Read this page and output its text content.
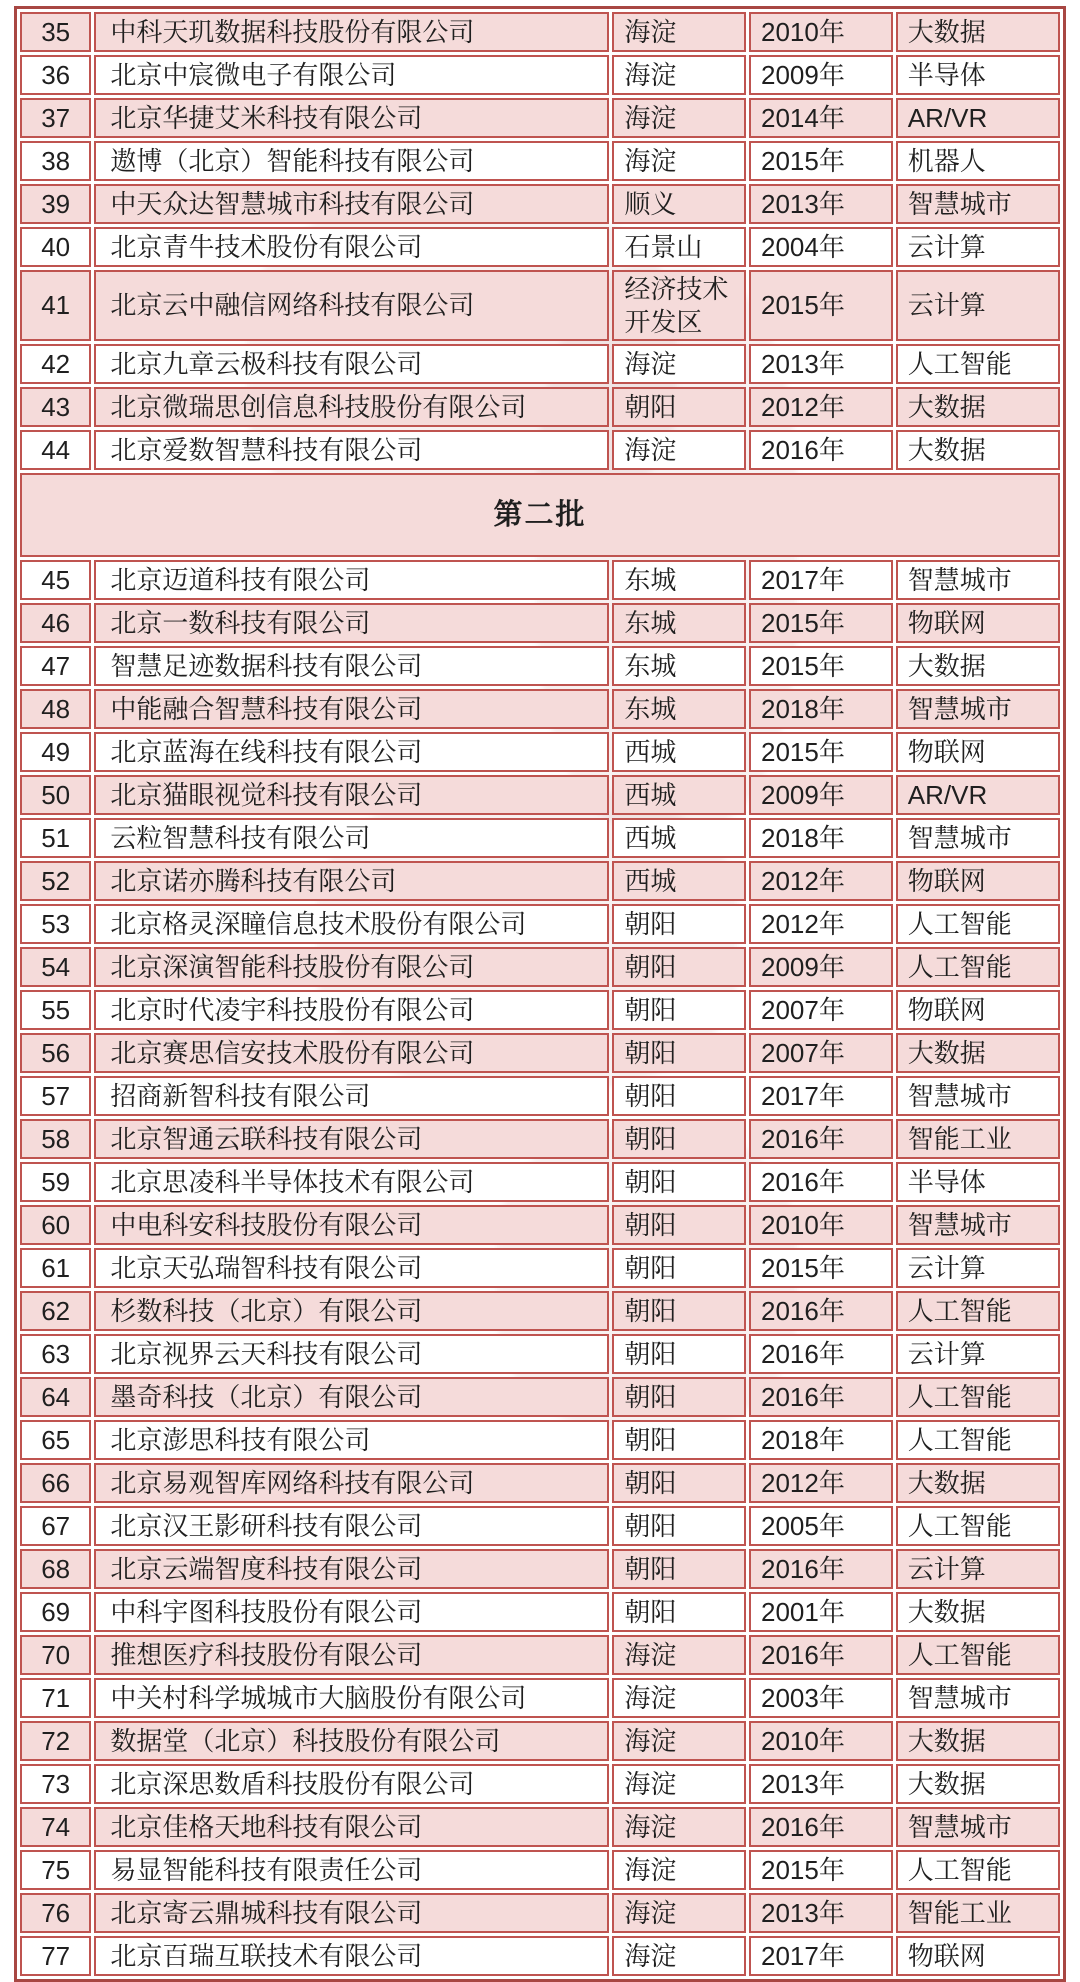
35	中科天玑数据科技股份有限公司	海淀	2010年	大数据
36	北京中宸微电子有限公司	海淀	2009年	半导体
37	北京华捷艾米科技有限公司	海淀	2014年	AR/VR
38	遨博（北京）智能科技有限公司	海淀	2015年	机器人
39	中天众达智慧城市科技有限公司	顺义	2013年	智慧城市
40	北京青牛技术股份有限公司	石景山	2004年	云计算
41	北京云中融信网络科技有限公司	经济技术开发区	2015年	云计算
42	北京九章云极科技有限公司	海淀	2013年	人工智能
43	北京微瑞思创信息科技股份有限公司	朝阳	2012年	大数据
44	北京爱数智慧科技有限公司	海淀	2016年	大数据
第二批				
45	北京迈道科技有限公司	东城	2017年	智慧城市
46	北京一数科技有限公司	东城	2015年	物联网
47	智慧足迹数据科技有限公司	东城	2015年	大数据
48	中能融合智慧科技有限公司	东城	2018年	智慧城市
49	北京蓝海在线科技有限公司	西城	2015年	物联网
50	北京猫眼视觉科技有限公司	西城	2009年	AR/VR
51	云粒智慧科技有限公司	西城	2018年	智慧城市
52	北京诺亦腾科技有限公司	西城	2012年	物联网
53	北京格灵深瞳信息技术股份有限公司	朝阳	2012年	人工智能
54	北京深演智能科技股份有限公司	朝阳	2009年	人工智能
55	北京时代凌宇科技股份有限公司	朝阳	2007年	物联网
56	北京赛思信安技术股份有限公司	朝阳	2007年	大数据
57	招商新智科技有限公司	朝阳	2017年	智慧城市
58	北京智通云联科技有限公司	朝阳	2016年	智能工业
59	北京思凌科半导体技术有限公司	朝阳	2016年	半导体
60	中电科安科技股份有限公司	朝阳	2010年	智慧城市
61	北京天弘瑞智科技有限公司	朝阳	2015年	云计算
62	杉数科技（北京）有限公司	朝阳	2016年	人工智能
63	北京视界云天科技有限公司	朝阳	2016年	云计算
64	墨奇科技（北京）有限公司	朝阳	2016年	人工智能
65	北京澎思科技有限公司	朝阳	2018年	人工智能
66	北京易观智库网络科技有限公司	朝阳	2012年	大数据
67	北京汉王影研科技有限公司	朝阳	2005年	人工智能
68	北京云端智度科技有限公司	朝阳	2016年	云计算
69	中科宇图科技股份有限公司	朝阳	2001年	大数据
70	推想医疗科技股份有限公司	海淀	2016年	人工智能
71	中关村科学城城市大脑股份有限公司	海淀	2003年	智慧城市
72	数据堂（北京）科技股份有限公司	海淀	2010年	大数据
73	北京深思数盾科技股份有限公司	海淀	2013年	大数据
74	北京佳格天地科技有限公司	海淀	2016年	智慧城市
75	易显智能科技有限责任公司	海淀	2015年	人工智能
76	北京寄云鼎城科技有限公司	海淀	2013年	智能工业
77	北京百瑞互联技术有限公司	海淀	2017年	物联网
